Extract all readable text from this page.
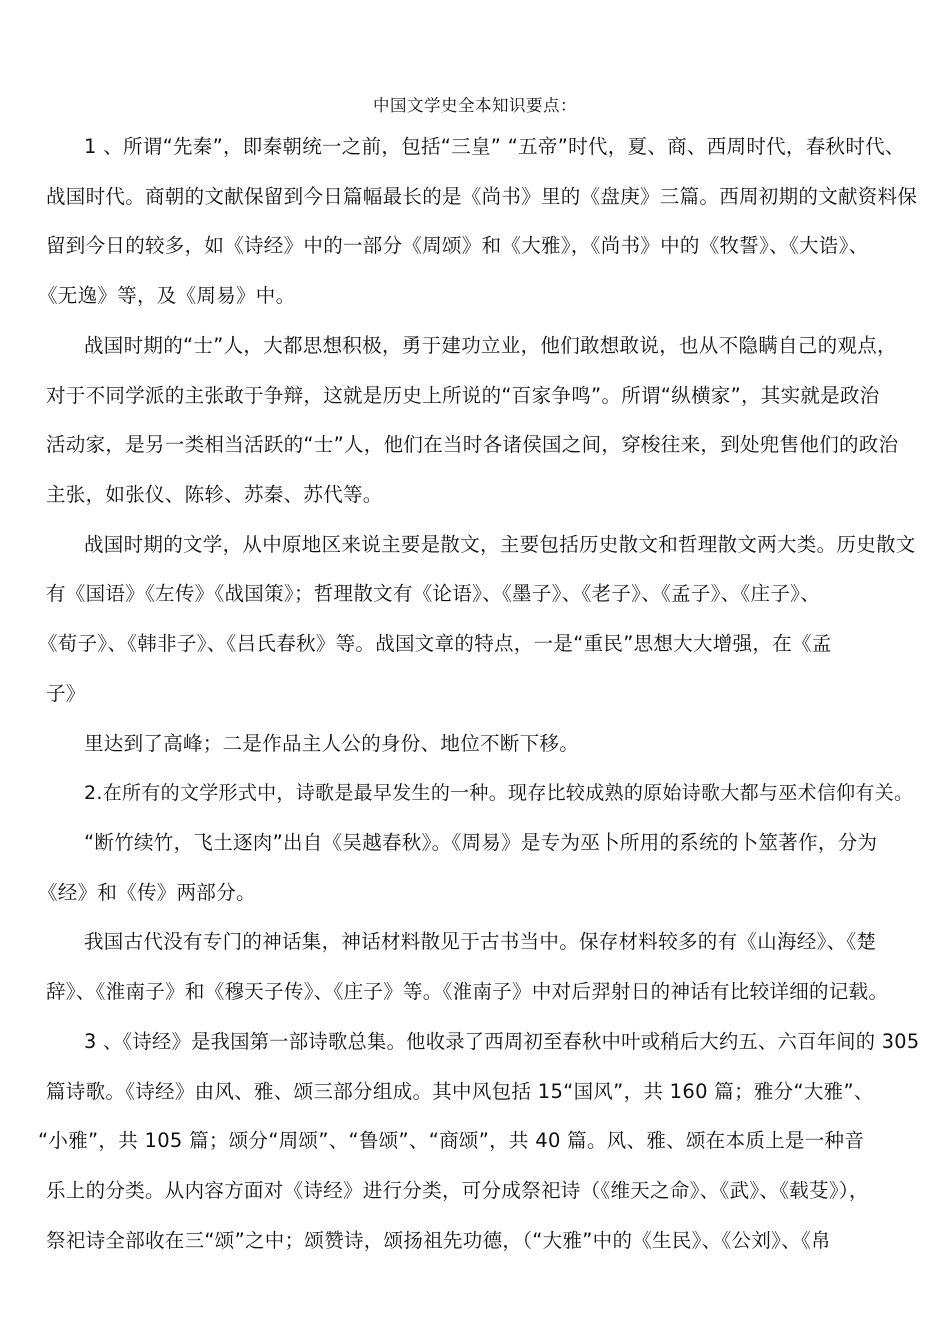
中国文学史全本知识要点：

1 、所谓“先秦”，即秦朝统一之前，包括“三皇” “五帝”时代，夏、商、西周时代，春秋时代、

战国时代。商朝的文献保留到今日篇幅最长的是《尚书》里的《盘庚》三篇。西周初期的文献资料保

留到今日的较多，如《诗经》中的一部分《周颂》和《大雅》，《尚书》中的《牧誓》、《大诰》、

《无逸》等，及《周易》中。

战国时期的“士”人，大都思想积极，勇于建功立业，他们敢想敢说，也从不隐瞒自己的观点，

对于不同学派的主张敢于争辩，这就是历史上所说的“百家争鸣”。所谓“纵横家”，其实就是政治

活动家，是另一类相当活跃的“士”人，他们在当时各诸侯国之间，穿梭往来，到处兜售他们的政治

主张，如张仪、陈轸、苏秦、苏代等。

战国时期的文学，从中原地区来说主要是散文，主要包括历史散文和哲理散文两大类。历史散文

有《国语》《左传》《战国策》；哲理散文有《论语》、《墨子》、《老子》、《孟子》、《庄子》、

《荀子》、《韩非子》、《吕氏春秋》等。战国文章的特点，一是“重民”思想大大增强，在《孟

子》

里达到了高峰；二是作品主人公的身份、地位不断下移。

2.在所有的文学形式中，诗歌是最早发生的一种。现存比较成熟的原始诗歌大都与巫术信仰有关。

“断竹续竹，飞土逐肉”出自《吴越春秋》。《周易》是专为巫卜所用的系统的卜筮著作，分为

《经》和《传》两部分。

我国古代没有专门的神话集，神话材料散见于古书当中。保存材料较多的有《山海经》、《楚

辞》、《淮南子》和《穆天子传》、《庄子》等。《淮南子》中对后羿射日的神话有比较详细的记载。

3 、《诗经》是我国第一部诗歌总集。他收录了西周初至春秋中叶或稍后大约五、六百年间的 305

篇诗歌。《诗经》由风、雅、颂三部分组成。其中风包括 15“国风”，共 160 篇；雅分“大雅”、

“小雅”，共 105 篇；颂分“周颂”、“鲁颂”、“商颂”，共 40 篇。风、雅、颂在本质上是一种音

乐上的分类。从内容方面对《诗经》进行分类，可分成祭祀诗（《维天之命》、《武》、《载芟》），

祭祀诗全部收在三“颂”之中；颂赞诗，颂扬祖先功德，（“大雅”中的《生民》、《公刘》、《帛
